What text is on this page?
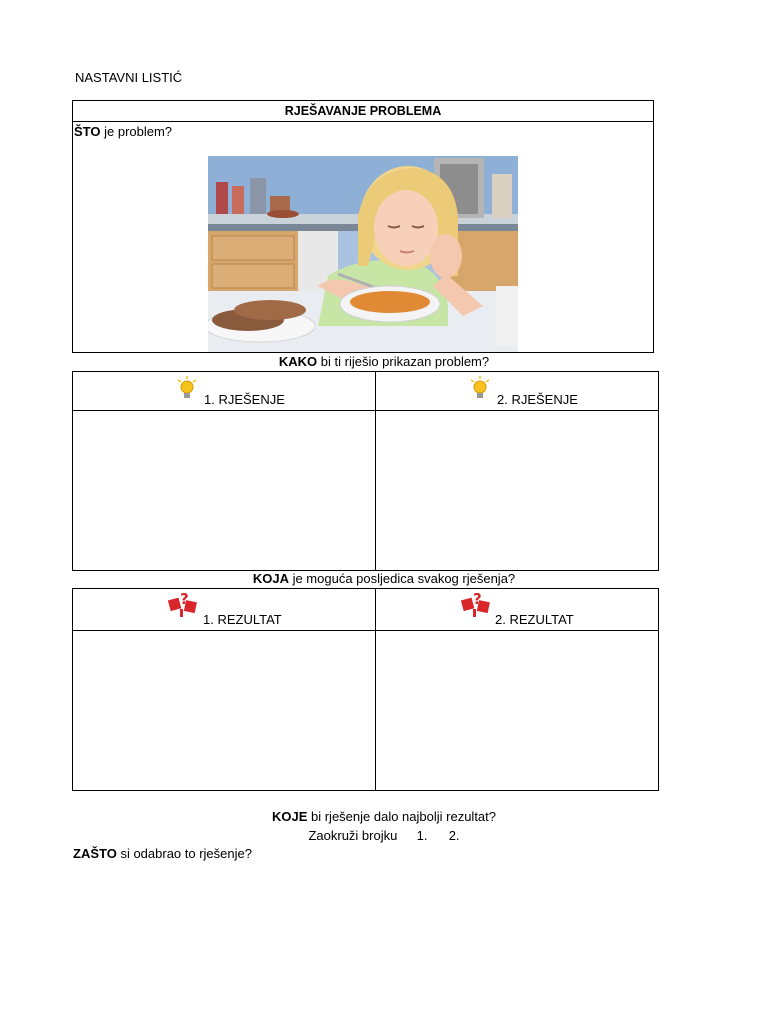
NASTAVNI LISTIĆ
RJEŠAVANJE PROBLEMA
ŠTO je problem?
KAKO bi ti riješio prikazan problem?
1. RJEŠENJE	2. RJEŠENJE
KOJA je moguća posljedica svakog rješenja?
1. REZULTAT	2. REZULTAT
?	?
KOJE bi rješenje dalo najbolji rezultat?
Zaokruži brojku 1. 2.
ZAŠTO si odabrao to rješenje?
